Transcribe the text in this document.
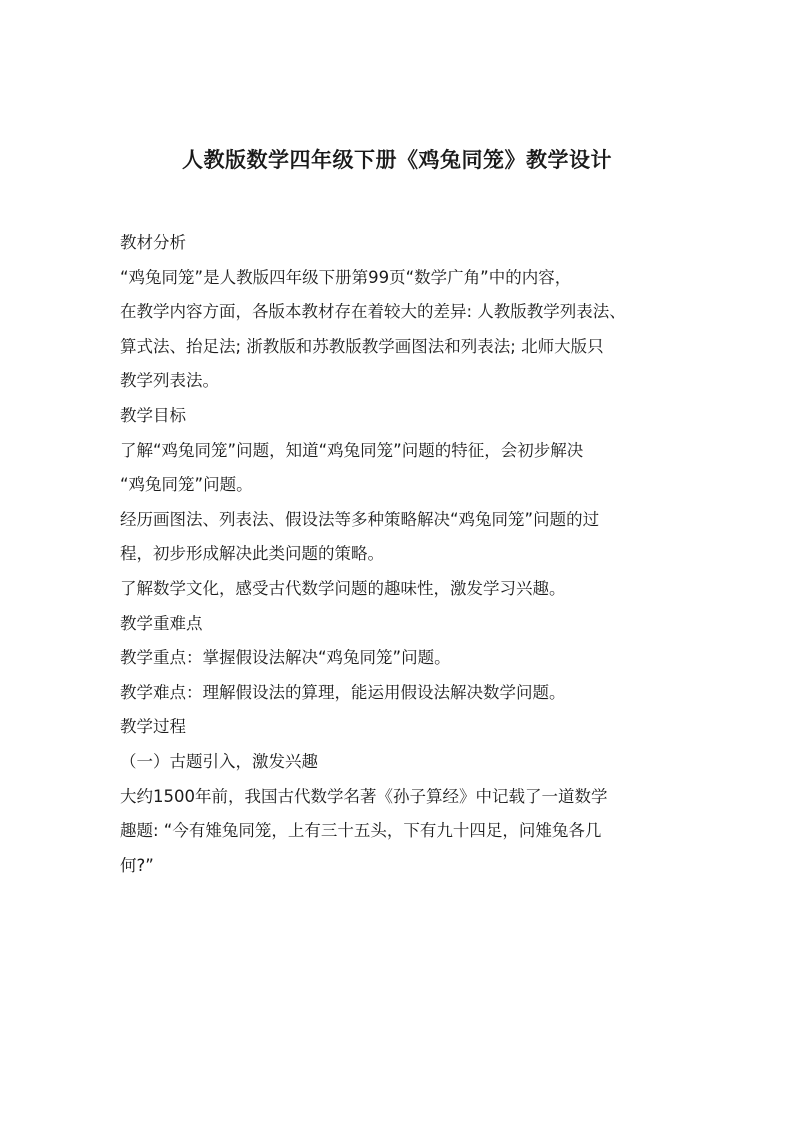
人教版数学四年级下册《鸡兔同笼》教学设计
教材分析
“鸡兔同笼”是人教版四年级下册第99页“数学广角”中的内容，
在教学内容方面，各版本教材存在着较大的差异: 人教版教学列表法、
算式法、抬足法; 浙教版和苏教版教学画图法和列表法; 北师大版只
教学列表法。
教学目标
了解“鸡兔同笼”问题，知道“鸡兔同笼”问题的特征，会初步解决
“鸡兔同笼”问题。
经历画图法、列表法、假设法等多种策略解决“鸡兔同笼”问题的过
程，初步形成解决此类问题的策略。
了解数学文化，感受古代数学问题的趣味性，激发学习兴趣。
教学重难点
教学重点：掌握假设法解决“鸡兔同笼”问题。
教学难点：理解假设法的算理，能运用假设法解决数学问题。
教学过程
（一）古题引入，激发兴趣
大约1500年前，我国古代数学名著《孙子算经》中记载了一道数学
趣题: “今有雉兔同笼，上有三十五头，下有九十四足，问雉兔各几
何?”
